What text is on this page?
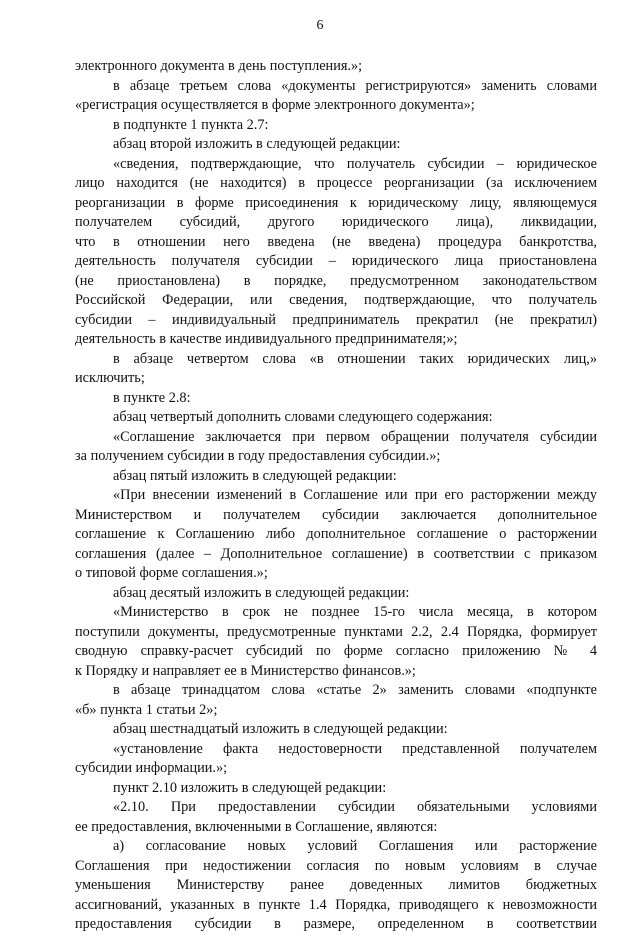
6
электронного документа в день поступления.»;
в абзаце третьем слова «документы регистрируются» заменить словами
«регистрация осуществляется в форме электронного документа»;
в подпункте 1 пункта 2.7:
абзац второй изложить в следующей редакции:
«сведения, подтверждающие, что получатель субсидии – юридическое
лицо находится (не находится) в процессе реорганизации (за исключением
реорганизации в форме присоединения к юридическому лицу, являющемуся
получателем субсидий, другого юридического лица), ликвидации,
что в отношении него введена (не введена) процедура банкротства,
деятельность получателя субсидии – юридического лица приостановлена
(не приостановлена) в порядке, предусмотренном законодательством
Российской Федерации, или сведения, подтверждающие, что получатель
субсидии – индивидуальный предприниматель прекратил (не прекратил)
деятельность в качестве индивидуального предпринимателя;»;
в абзаце четвертом слова «в отношении таких юридических лиц,»
исключить;
в пункте 2.8:
абзац четвертый дополнить словами следующего содержания:
«Соглашение заключается при первом обращении получателя субсидии
за получением субсидии в году предоставления субсидии.»;
абзац пятый изложить в следующей редакции:
«При внесении изменений в Соглашение или при его расторжении между
Министерством и получателем субсидии заключается дополнительное
соглашение к Соглашению либо дополнительное соглашение о расторжении
соглашения (далее – Дополнительное соглашение) в соответствии с приказом
о типовой форме соглашения.»;
абзац десятый изложить в следующей редакции:
«Министерство в срок не позднее 15-го числа месяца, в котором
поступили документы, предусмотренные пунктами 2.2, 2.4 Порядка, формирует
сводную справку-расчет субсидий по форме согласно приложению № 4
к Порядку и направляет ее в Министерство финансов.»;
в абзаце тринадцатом слова «статье 2» заменить словами «подпункте
«б» пункта 1 статьи 2»;
абзац шестнадцатый изложить в следующей редакции:
«установление факта недостоверности представленной получателем
субсидии информации.»;
пункт 2.10 изложить в следующей редакции:
«2.10. При предоставлении субсидии обязательными условиями
ее предоставления, включенными в Соглашение, являются:
а) согласование новых условий Соглашения или расторжение
Соглашения при недостижении согласия по новым условиям в случае
уменьшения Министерству ранее доведенных лимитов бюджетных
ассигнований, указанных в пункте 1.4 Порядка, приводящего к невозможности
предоставления субсидии в размере, определенном в соответствии
